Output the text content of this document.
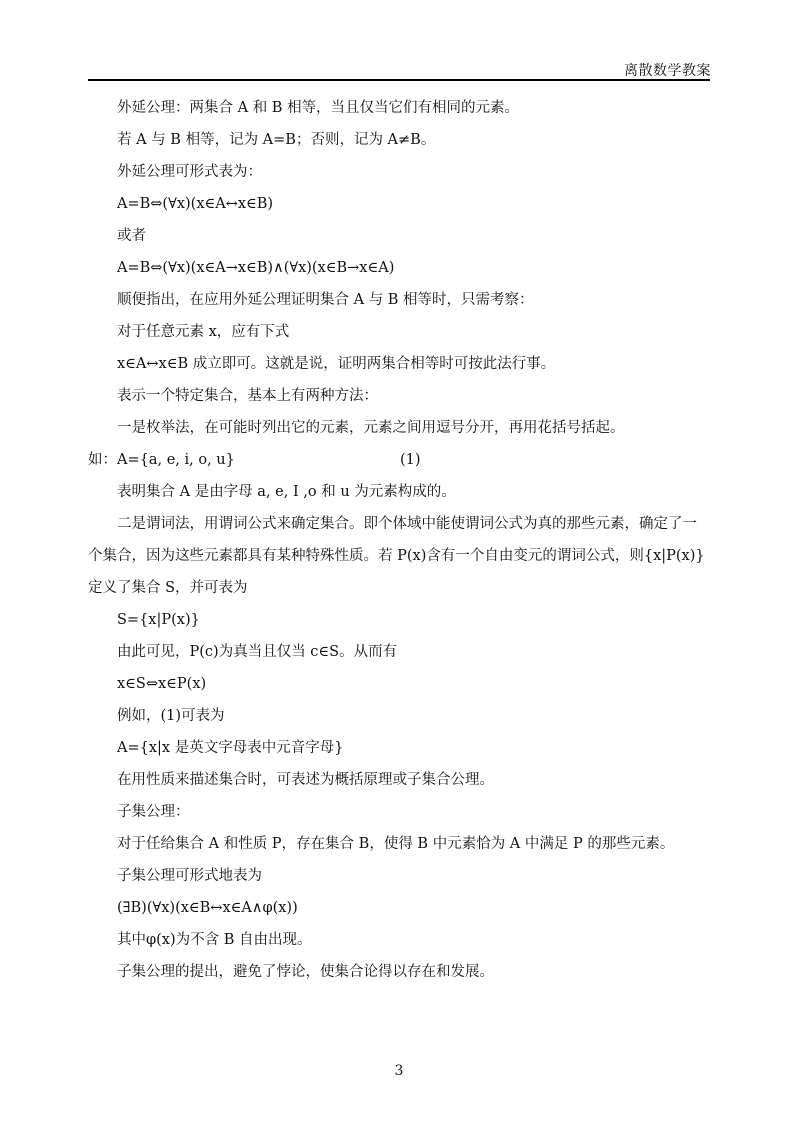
离散数学教案

外延公理：两集合 A 和 B 相等，当且仅当它们有相同的元素。

若 A 与 B 相等，记为 A=B；否则，记为 A≠B。

外延公理可形式表为：

A=B⇔(∀x)(x∈A↔x∈B)

或者

A=B⇔(∀x)(x∈A→x∈B)∧(∀x)(x∈B→x∈A)

顺便指出，在应用外延公理证明集合 A 与 B 相等时，只需考察：

对于任意元素 x，应有下式

x∈A↔x∈B 成立即可。这就是说，证明两集合相等时可按此法行事。

表示一个特定集合，基本上有两种方法：

一是枚举法，在可能时列出它的元素，元素之间用逗号分开，再用花括号括起。

如：A={a, e, i, o, u}	(1)

表明集合 A 是由字母 a, e, Ⅰ ,o 和 u 为元素构成的。

二是谓词法，用谓词公式来确定集合。即个体域中能使谓词公式为真的那些元素，确定了一个集合，因为这些元素都具有某种特殊性质。若 P(x)含有一个自由变元的谓词公式，则{x|P(x)}定义了集合 S，并可表为

S={x|P(x)}

由此可见，P(c)为真当且仅当 c∈S。从而有

x∈S⇔x∈P(x)

例如，(1)可表为

A={x|x 是英文字母表中元音字母}

在用性质来描述集合时，可表述为概括原理或子集合公理。

子集公理：

对于任给集合 A 和性质 P，存在集合 B，使得 B 中元素恰为 A 中满足 P 的那些元素。

子集公理可形式地表为

(∃B)(∀x)(x∈B↔x∈A∧φ(x))

其中φ(x)为不含 B 自由出现。

子集公理的提出，避免了悖论，使集合论得以存在和发展。

3
